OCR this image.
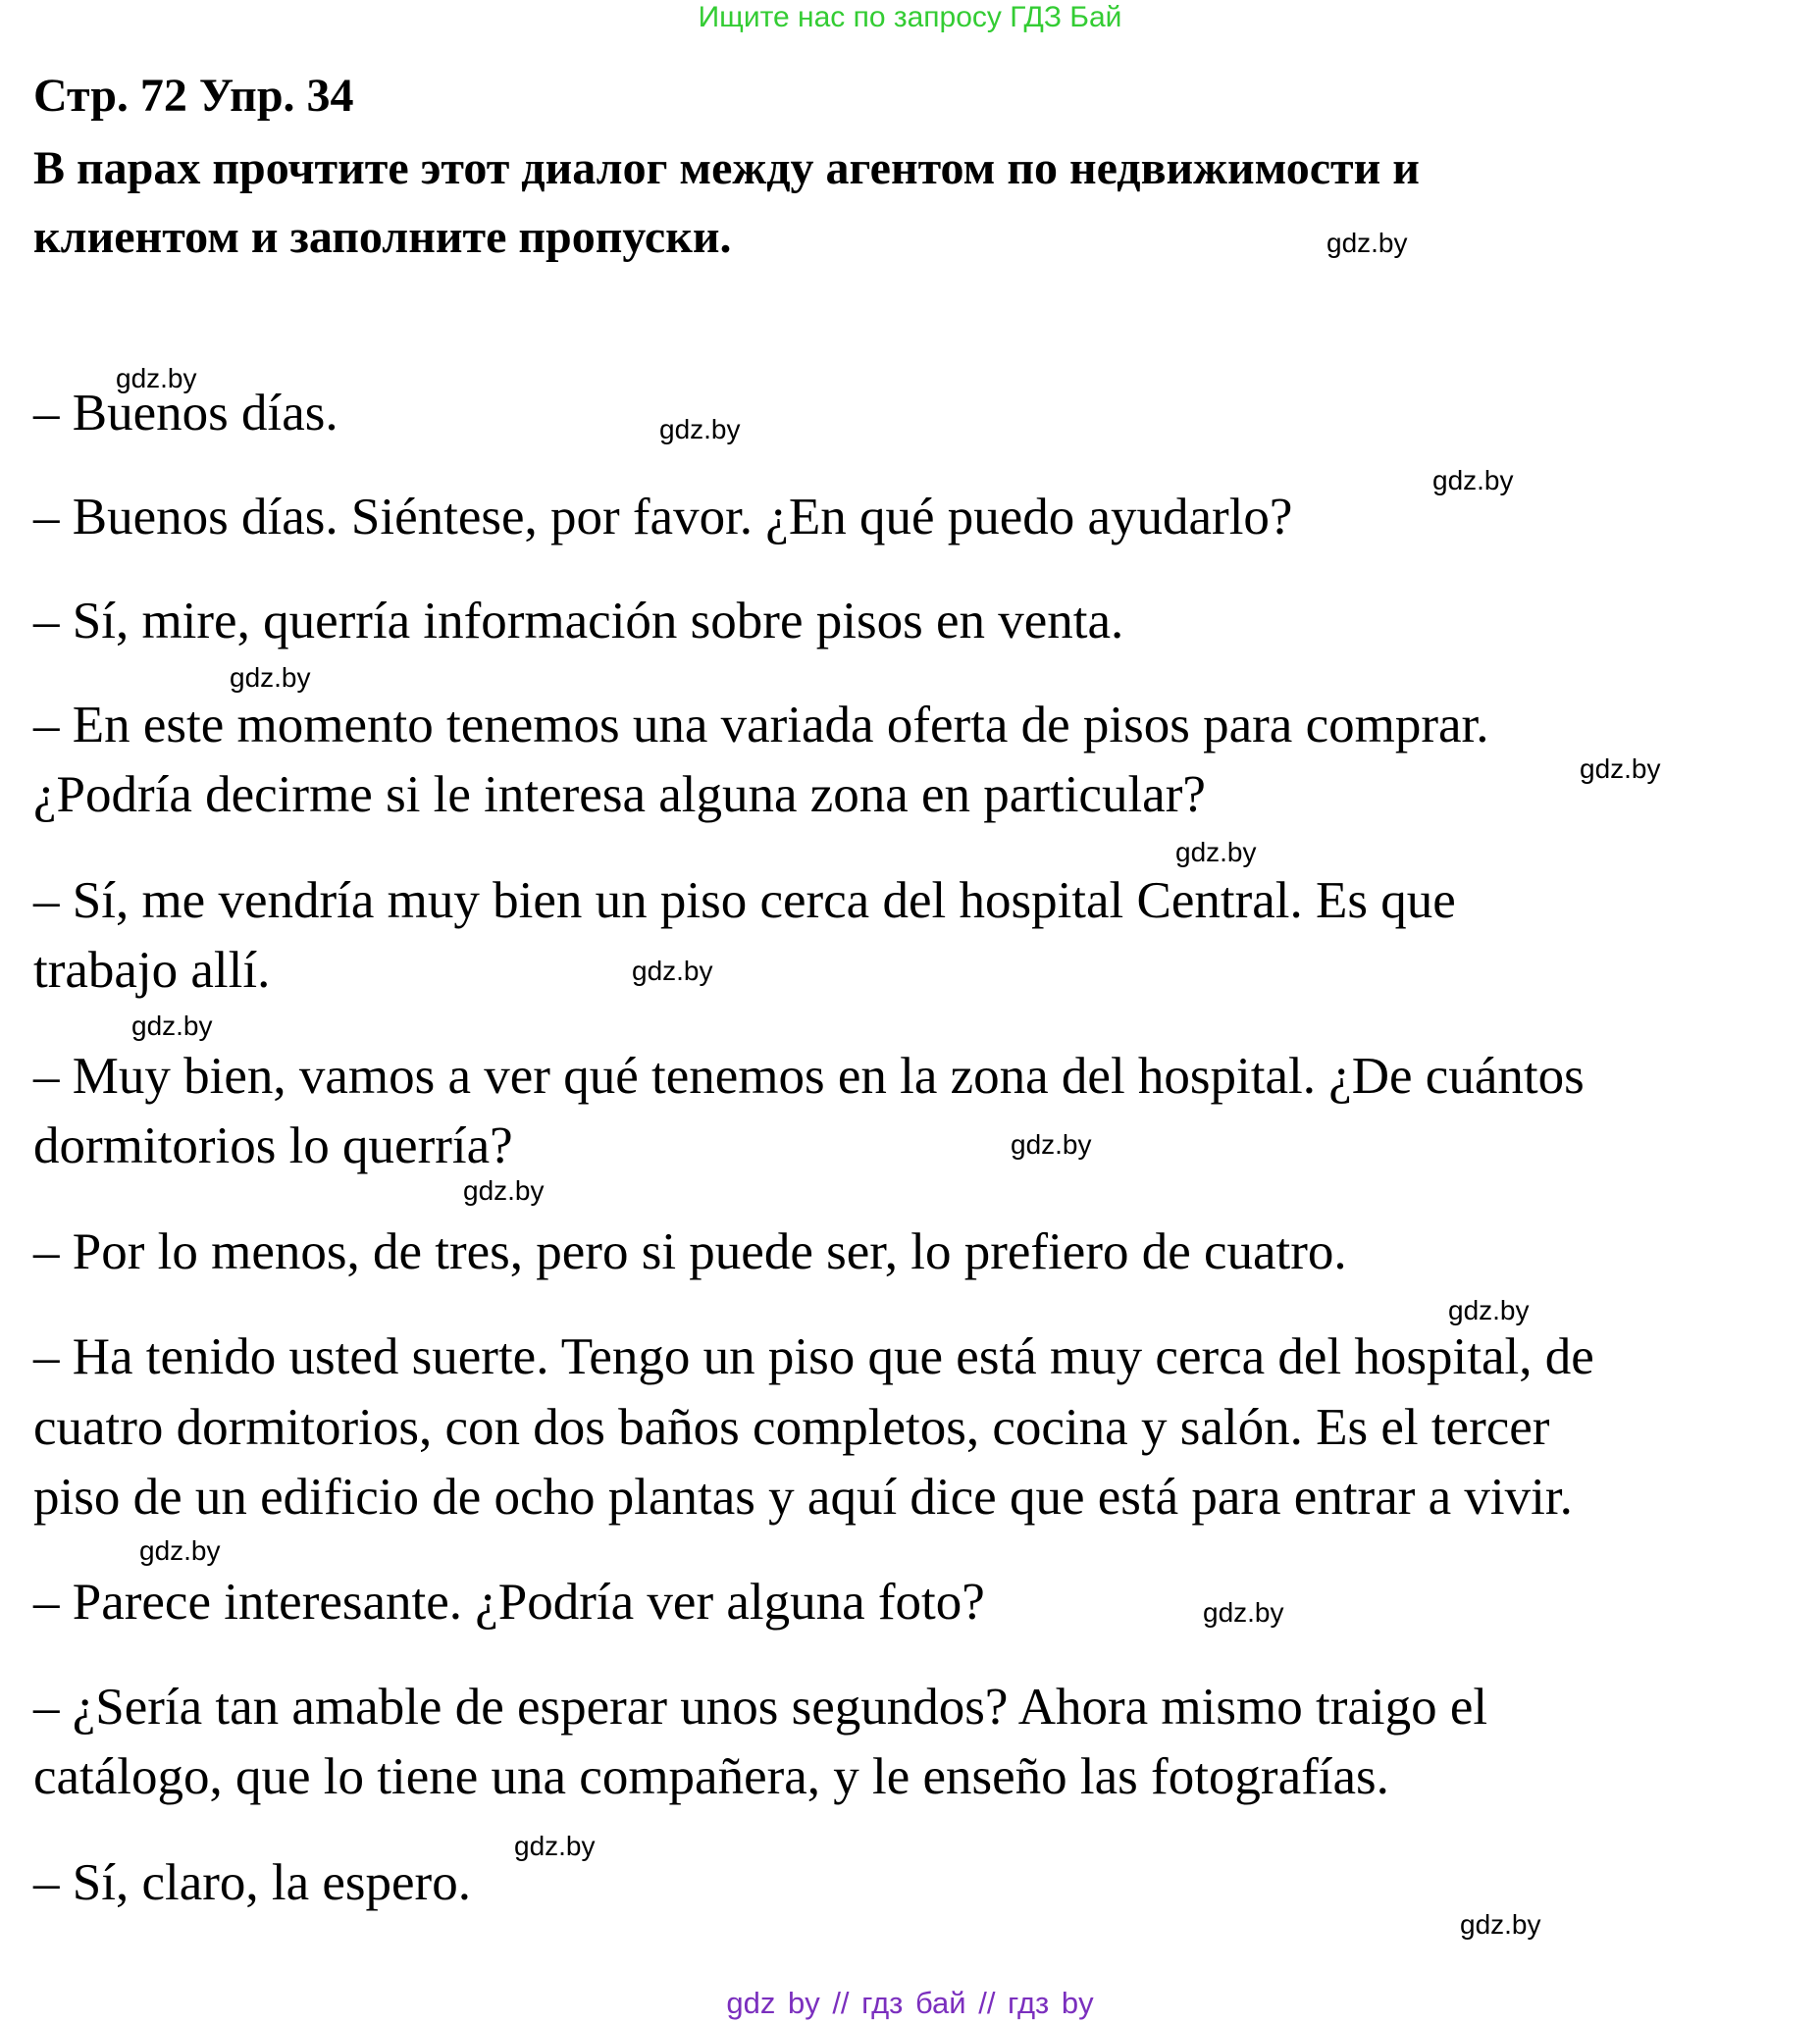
Ищите нас по запросу ГДЗ Бай
Стр. 72 Упр. 34
В парах прочтите этот диалог между агентом по недвижимости и
клиентом и заполните пропуски.
– Buenos días.
– Buenos días. Siéntese, por favor. ¿En qué puedo ayudarlo?
– Sí, mire, querría información sobre pisos en venta.
– En este momento tenemos una variada oferta de pisos para comprar.
¿Podría decirme si le interesa alguna zona en particular?
– Sí, me vendría muy bien un piso cerca del hospital Central. Es que
trabajo allí.
– Muy bien, vamos a ver qué tenemos en la zona del hospital. ¿De cuántos
dormitorios lo querría?
– Por lo menos, de tres, pero si puede ser, lo prefiero de cuatro.
– Ha tenido usted suerte. Tengo un piso que está muy cerca del hospital, de
cuatro dormitorios, con dos baños completos, cocina y salón. Es el tercer
piso de un edificio de ocho plantas y aquí dice que está para entrar a vivir.
– Parece interesante. ¿Podría ver alguna foto?
– ¿Sería tan amable de esperar unos segundos? Ahora mismo traigo el
catálogo, que lo tiene una compañera, y le enseño las fotografías.
– Sí, claro, la espero.
gdz.by
gdz.by
gdz.by
gdz.by
gdz.by
gdz.by
gdz.by
gdz.by
gdz.by
gdz.by
gdz.by
gdz.by
gdz.by
gdz.by
gdz.by
gdz.by
gdz by // гдз бай // гдз by
